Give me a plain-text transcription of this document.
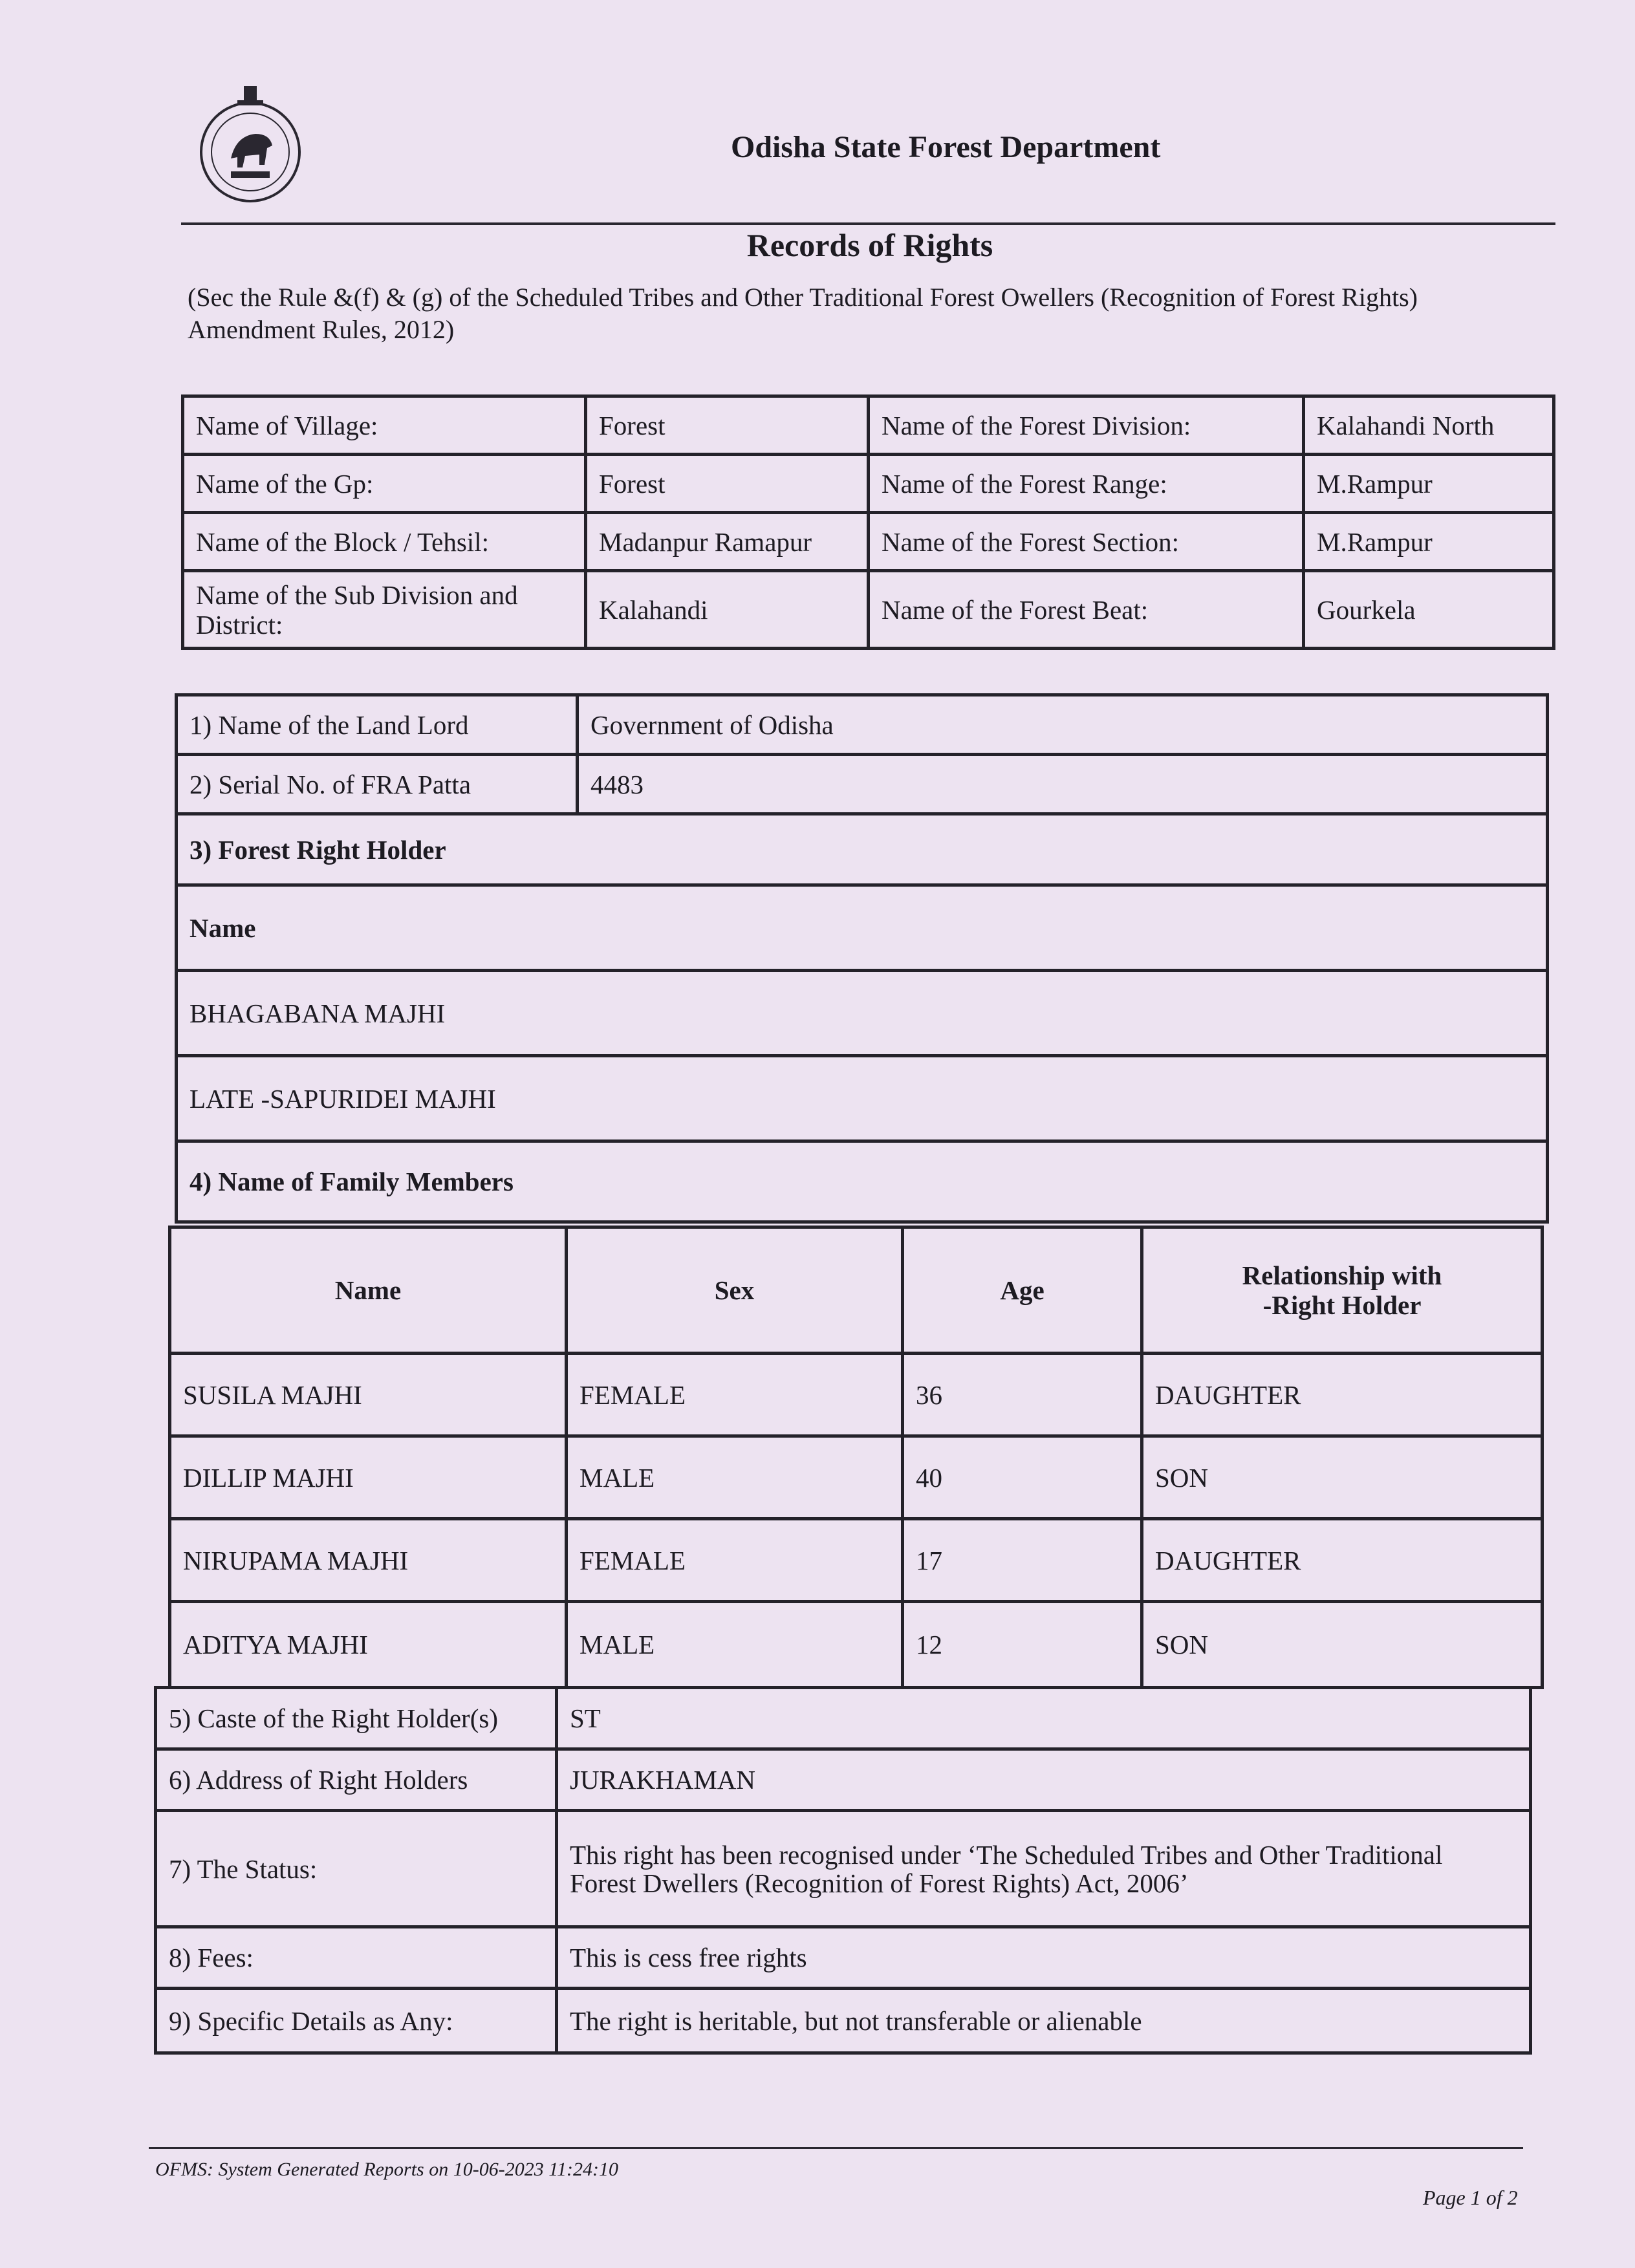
Odisha State Forest Department
Records of Rights
(Sec the Rule &(f) & (g) of the Scheduled Tribes and Other Traditional Forest Owellers (Recognition of Forest Rights) Amendment Rules, 2012)
Name of Village:	Forest	Name of the Forest Division:	Kalahandi North
Name of the Gp:	Forest	Name of the Forest Range:	M.Rampur
Name of the Block / Tehsil:	Madanpur Ramapur	Name of the Forest Section:	M.Rampur
Name of the Sub Division and District:	Kalahandi	Name of the Forest Beat:	Gourkela
1) Name of the Land Lord	Government of Odisha
2) Serial No. of FRA Patta	4483
3) Forest Right Holder	
Name	
BHAGABANA MAJHI	
LATE -SAPURIDEI MAJHI	
4) Name of Family Members	
Name	Sex	Age	Relationship with
-Right Holder
SUSILA MAJHI	FEMALE	36	DAUGHTER
DILLIP MAJHI	MALE	40	SON
NIRUPAMA MAJHI	FEMALE	17	DAUGHTER
ADITYA MAJHI	MALE	12	SON
5) Caste of the Right Holder(s)	ST
6) Address of Right Holders	JURAKHAMAN
7) The Status:	This right has been recognised under ‘The Scheduled Tribes and Other Traditional
Forest Dwellers (Recognition of Forest Rights) Act, 2006’
8) Fees:	This is cess free rights
9) Specific Details as Any:	The right is heritable, but not transferable or alienable
OFMS: System Generated Reports on 10-06-2023 11:24:10
Page 1 of 2
